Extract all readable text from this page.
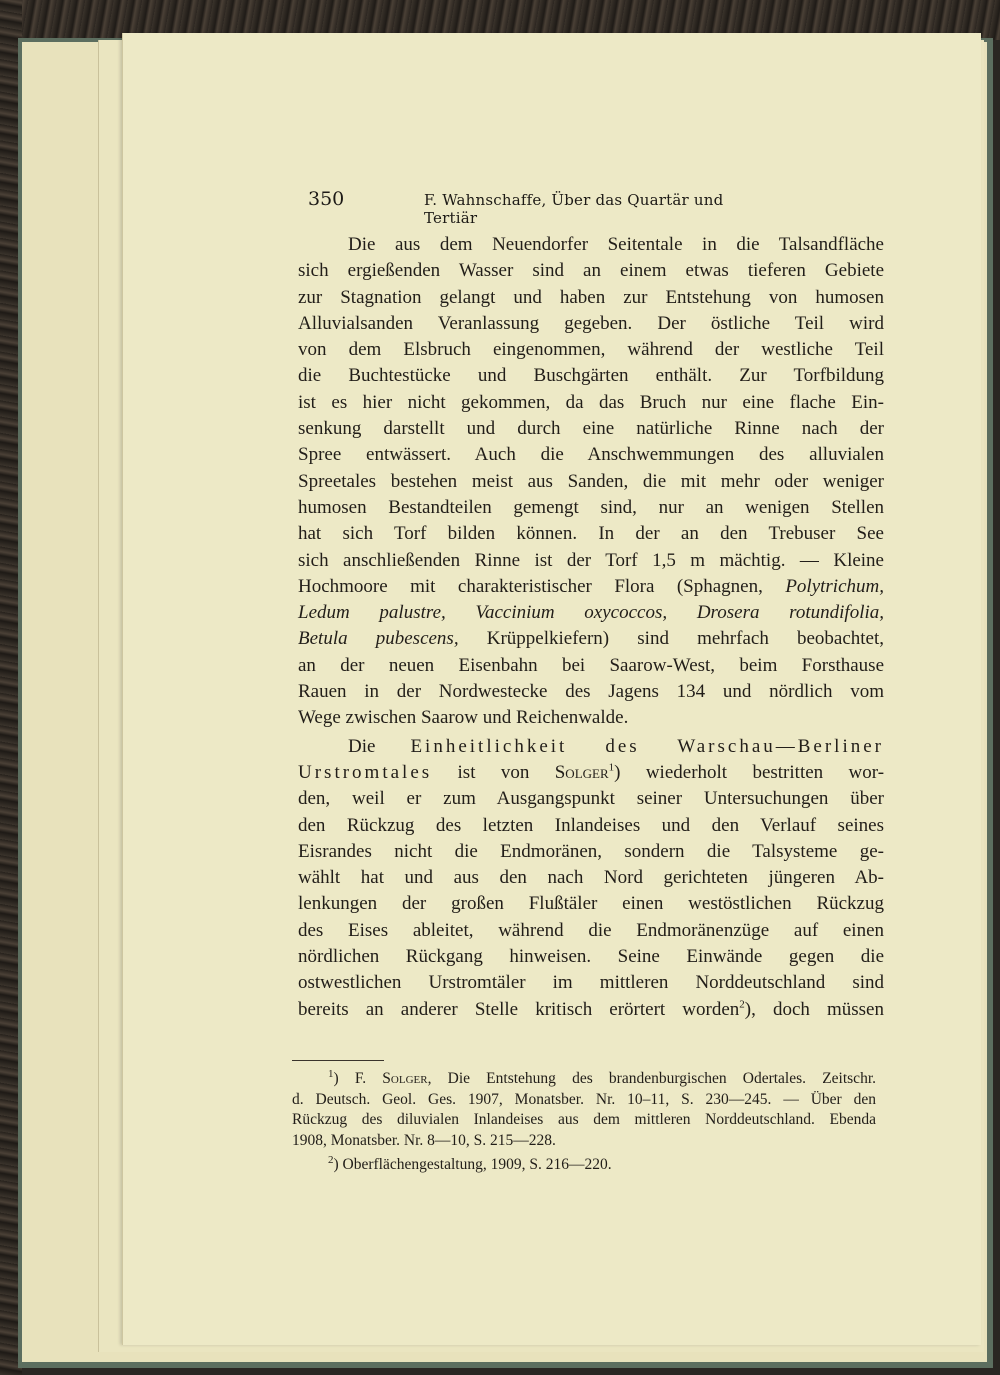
350	F. Wahnschaffe, Über das Quartär und Tertiär
Die aus dem Neuendorfer Seitentale in die Talsandfläche
sich ergießenden Wasser sind an einem etwas tieferen Gebiete
zur Stagnation gelangt und haben zur Entstehung von humosen
Alluvialsanden Veranlassung gegeben. Der östliche Teil wird
von dem Elsbruch eingenommen, während der westliche Teil
die Buchtestücke und Buschgärten enthält. Zur Torfbildung
ist es hier nicht gekommen, da das Bruch nur eine flache Ein-
senkung darstellt und durch eine natürliche Rinne nach der
Spree entwässert. Auch die Anschwemmungen des alluvialen
Spreetales bestehen meist aus Sanden, die mit mehr oder weniger
humosen Bestandteilen gemengt sind, nur an wenigen Stellen
hat sich Torf bilden können. In der an den Trebuser See
sich anschließenden Rinne ist der Torf 1,5 m mächtig. — Kleine
Hochmoore mit charakteristischer Flora (Sphagnen, Polytrichum,
Ledum palustre, Vaccinium oxycoccos, Drosera rotundifolia,
Betula pubescens, Krüppelkiefern) sind mehrfach beobachtet,
an der neuen Eisenbahn bei Saarow-West, beim Forsthause
Rauen in der Nordwestecke des Jagens 134 und nördlich vom
Wege zwischen Saarow und Reichenwalde.
Die Einheitlichkeit des Warschau—Berliner
Urstromtales ist von Solger$^1$) wiederholt bestritten wor-
den, weil er zum Ausgangspunkt seiner Untersuchungen über
den Rückzug des letzten Inlandeises und den Verlauf seines
Eisrandes nicht die Endmoränen, sondern die Talsysteme ge-
wählt hat und aus den nach Nord gerichteten jüngeren Ab-
lenkungen der großen Flußtäler einen westöstlichen Rückzug
des Eises ableitet, während die Endmoränenzüge auf einen
nördlichen Rückgang hinweisen. Seine Einwände gegen die
ostwestlichen Urstromtäler im mittleren Norddeutschland sind
bereits an anderer Stelle kritisch erörtert worden$^2$), doch müssen
$^1$) F. Solger, Die Entstehung des brandenburgischen Odertales. Zeitschr.
d. Deutsch. Geol. Ges. 1907, Monatsber. Nr. 10–11, S. 230—245. — Über den
Rückzug des diluvialen Inlandeises aus dem mittleren Norddeutschland. Ebenda
1908, Monatsber. Nr. 8—10, S. 215—228.
$^2$) Oberflächengestaltung, 1909, S. 216—220.
